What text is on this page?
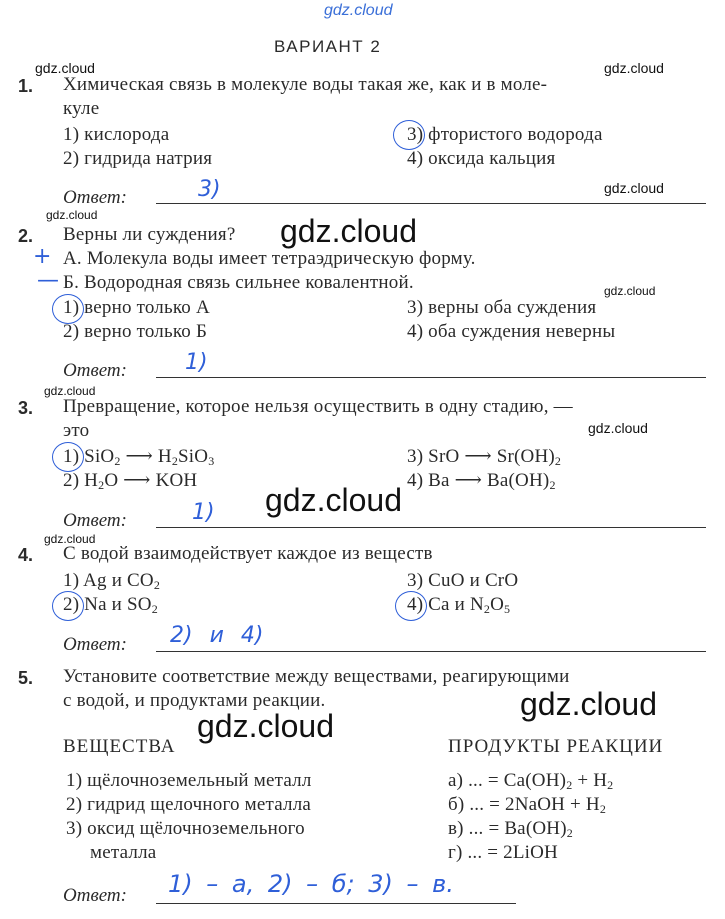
gdz.cloud
ВАРИАНТ 2
gdz.cloud	gdz.cloud
gdz.cloud
gdz.cloud
gdz.cloud
gdz.cloud
gdz.cloud
gdz.cloud
gdz.cloud
gdz.cloud
gdz.cloud
gdz.cloud
1. Химическая связь в молекуле воды такая же, как и в моле-
куле
1) кислорода
2) гидрида натрия
3) фтористого водорода
4) оксида кальция
Ответ:	3)
2. Верны ли суждения?
+
—
А. Молекула воды имеет тетраэдрическую форму.
Б. Водородная связь сильнее ковалентной.
1) верно только А
2) верно только Б
3) верны оба суждения
4) оба суждения неверны
Ответ:	1)
3. Превращение, которое нельзя осуществить в одну стадию, —
это
1) SiO$_2$ ⟶ $H_2SiO_3$
2) $H_2O$ ⟶ KOH
3) SrO ⟶ $Sr(OH)_2$
4) Ba ⟶ $Ba(OH)_2$
Ответ:	1)
4. С водой взаимодействует каждое из веществ
1) Ag и $CO_2$
2) Na и $SO_2$
3) CuO и CrO
4) Ca и $N_2O_5$
Ответ: 2) и 4)
5. Установите соответствие между веществами, реагирующими
с водой, и продуктами реакции.
ВЕЩЕСТВА	ПРОДУКТЫ РЕАКЦИИ
1) щёлочноземельный металл
2) гидрид щелочного металла
3) оксид щёлочноземельного
металла
а) ... = $Ca(OH)_2 + H_2$
б) ... = 2NaOH + $H_2$
в) ... = $Ba(OH)_2$
г) ... = 2LiOH
Ответ: 1) – а, 2) – б; 3) – в.
